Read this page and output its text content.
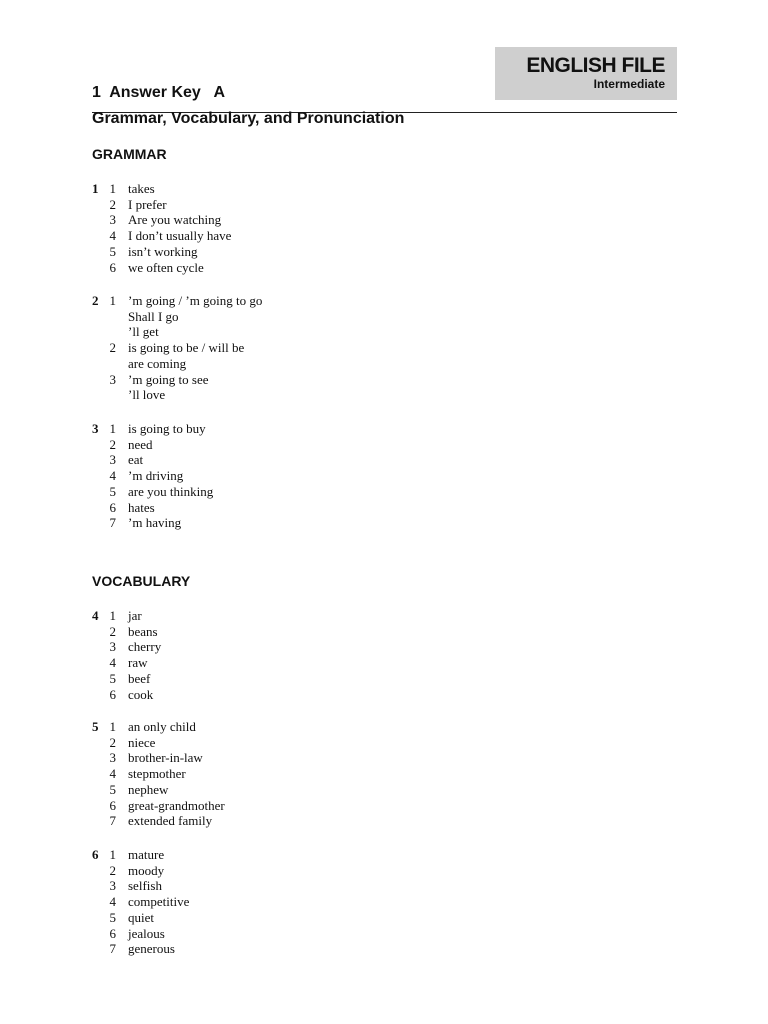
ENGLISH FILE
Intermediate
1  Answer Key   A
Grammar, Vocabulary, and Pronunciation
GRAMMAR
1 1 takes
2 I prefer
3 Are you watching
4 I don’t usually have
5 isn’t working
6 we often cycle
2 1 ’m going / ’m going to go
Shall I go
’ll get
2 is going to be / will be
are coming
3 ’m going to see
’ll love
3 1 is going to buy
2 need
3 eat
4 ’m driving
5 are you thinking
6 hates
7 ’m having
VOCABULARY
4 1 jar
2 beans
3 cherry
4 raw
5 beef
6 cook
5 1 an only child
2 niece
3 brother-in-law
4 stepmother
5 nephew
6 great-grandmother
7 extended family
6 1 mature
2 moody
3 selfish
4 competitive
5 quiet
6 jealous
7 generous
